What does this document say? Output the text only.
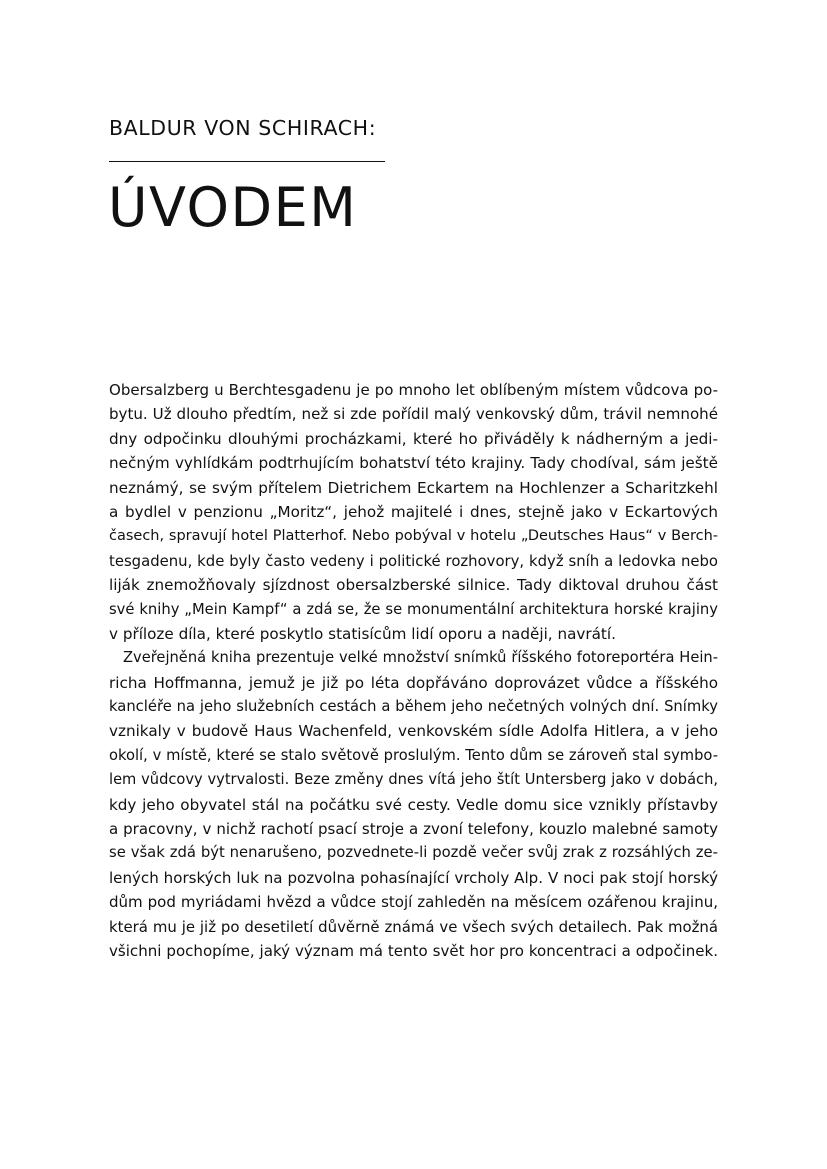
BALDUR VON SCHIRACH:
ÚVODEM
Obersalzberg u Berchtesgadenu je po mnoho let oblíbeným místem vůdcova po-
bytu. Už dlouho předtím, než si zde pořídil malý venkovský dům, trávil nemnohé
dny odpočinku dlouhými procházkami, které ho přiváděly k nádherným a jedi-
nečným vyhlídkám podtrhujícím bohatství této krajiny. Tady chodíval, sám ještě
neznámý, se svým přítelem Dietrichem Eckartem na Hochlenzer a Scharitzkehl
a bydlel v penzionu „Moritz“, jehož majitelé i dnes, stejně jako v Eckartových
časech, spravují hotel Platterhof. Nebo pobýval v hotelu „Deutsches Haus“ v Berch-
tesgadenu, kde byly často vedeny i politické rozhovory, když sníh a ledovka nebo
liják znemožňovaly sjízdnost obersalzberské silnice. Tady diktoval druhou část
své knihy „Mein Kampf“ a zdá se, že se monumentální architektura horské krajiny
v příloze díla, které poskytlo statisícům lidí oporu a naději, navrátí.
Zveřejněná kniha prezentuje velké množství snímků říšského fotoreportéra Hein-
richa Hoffmanna, jemuž je již po léta dopřáváno doprovázet vůdce a říšského
kancléře na jeho služebních cestách a během jeho nečetných volných dní. Snímky
vznikaly v budově Haus Wachenfeld, venkovském sídle Adolfa Hitlera, a v jeho
okolí, v místě, které se stalo světově proslulým. Tento dům se zároveň stal symbo-
lem vůdcovy vytrvalosti. Beze změny dnes vítá jeho štít Untersberg jako v dobách,
kdy jeho obyvatel stál na počátku své cesty. Vedle domu sice vznikly přístavby
a pracovny, v nichž rachotí psací stroje a zvoní telefony, kouzlo malebné samoty
se však zdá být nenarušeno, pozvednete-li pozdě večer svůj zrak z rozsáhlých ze-
lených horských luk na pozvolna pohasínající vrcholy Alp. V noci pak stojí horský
dům pod myriádami hvězd a vůdce stojí zahleděn na měsícem ozářenou krajinu,
která mu je již po desetiletí důvěrně známá ve všech svých detailech. Pak možná
všichni pochopíme, jaký význam má tento svět hor pro koncentraci a odpočinek.
